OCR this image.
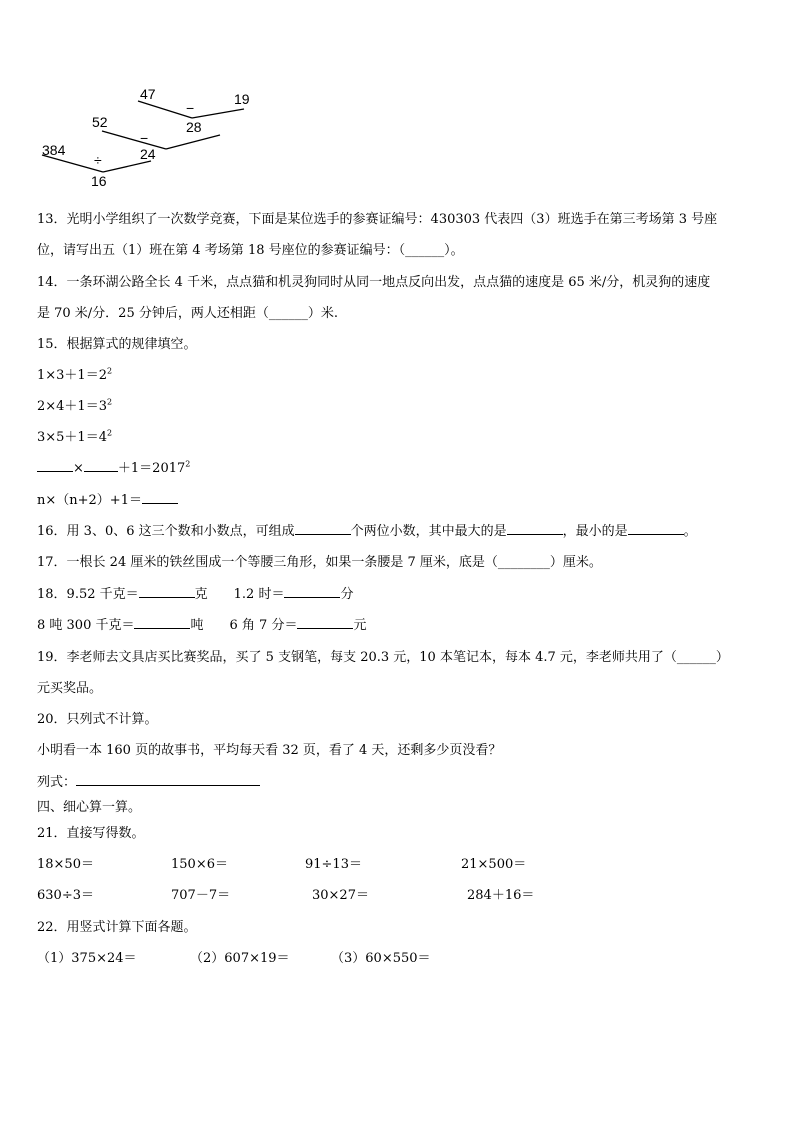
47
−
19
52	28
−
384
÷	24
16
13．光明小学组织了一次数学竞赛，下面是某位选手的参赛证编号：430303 代表四（3）班选手在第三考场第 3 号座
位，请写出五（1）班在第 4 考场第 18 号座位的参赛证编号：（______）。
14．一条环湖公路全长 4 千米，点点猫和机灵狗同时从同一地点反向出发，点点猫的速度是 65 米/分，机灵狗的速度
是 70 米/分．25 分钟后，两人还相距（______）米.
15．根据算式的规律填空。
$1\times 3+1=2^2$
$2\times 4+1=3^2$
$3\times 5+1=4^2$
×	$+1=2017^2$
n×（n+2）+1＝
16．用 3、0、6 这三个数和小数点，可组成	个两位小数，其中最大的是	，最小的是	。
17．一根长 24 厘米的铁丝围成一个等腰三角形，如果一条腰是 7 厘米，底是（________）厘米。
18．9.52 千克＝	克 1.2 时＝	分
8 吨 300 千克＝	吨 6 角 7 分＝	元
19．李老师去文具店买比赛奖品，买了 5 支钢笔，每支 20.3 元，10 本笔记本，每本 4.7 元，李老师共用了（______）
元买奖品。
20．只列式不计算。
小明看一本 160 页的故事书，平均每天看 32 页，看了 4 天，还剩多少页没看？
列式：
四、细心算一算。
21．直接写得数。
18×50＝	150×6＝	91÷13＝	21×500＝
630÷3＝	707－7＝	30×27＝	284＋16＝
22．用竖式计算下面各题。
（1）375×24＝	（2）607×19＝	（3）60×550＝
